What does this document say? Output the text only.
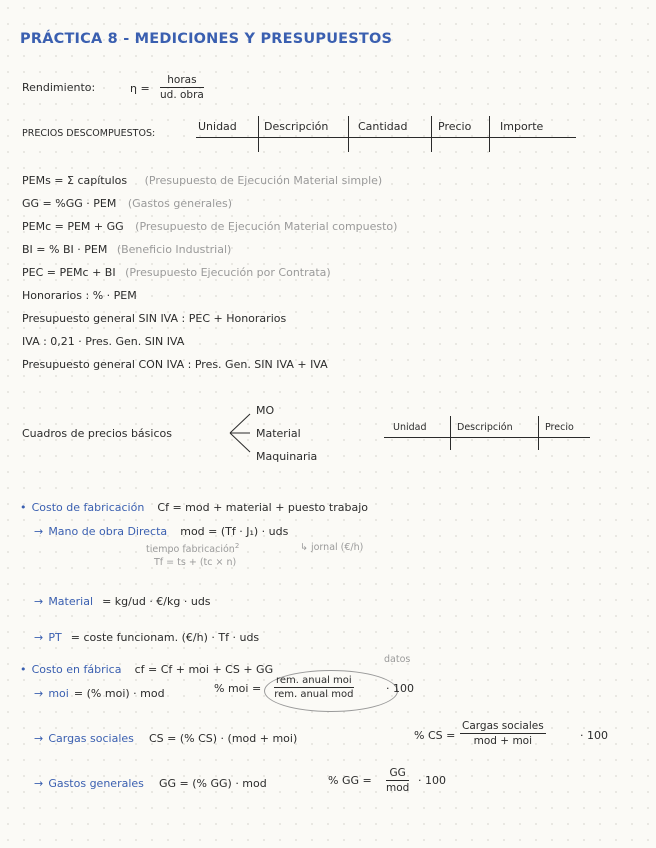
PRÁCTICA 8 - MEDICIONES Y PRESUPUESTOS
Rendimiento:	η =
horas
ud. obra
PRECIOS DESCOMPUESTOS:
Unidad Descripción	Cantidad	Precio	Importe
PEMs = Σ capítulos (Presupuesto de Ejecución Material simple)
GG = %GG · PEM (Gastos generales)
PEMc = PEM + GG (Presupuesto de Ejecución Material compuesto)
BI = % BI · PEM (Beneficio Industrial)
PEC = PEMc + BI (Presupuesto Ejecución por Contrata)
Honorarios : % · PEM
Presupuesto general SIN IVA : PEC + Honorarios
IVA : 0,21 · Pres. Gen. SIN IVA
Presupuesto general CON IVA : Pres. Gen. SIN IVA + IVA
Cuadros de precios básicos
MO
Material
Maquinaria
Unidad	Descripción	Precio
• Costo de fabricación Cf = mod + material + puesto trabajo
→ Mano de obra Directa mod = (Tf · J₁) · uds
tiempo fabricación$^2$	↳ jornal (€/h)
Tf = ts + (tc × n)
→ Material = kg/ud · €/kg · uds
→ PT = coste funcionam. (€/h) · Tf · uds
• Costo en fábrica cf = Cf + moi + CS + GG
datos
→ moi = (% moi) · mod	% moi =
rem. anual moi
rem. anual mod	· 100
→ Cargas sociales CS = (% CS) · (mod + moi)	% CS =
Cargas sociales
mod + moi	· 100
→ Gastos generales GG = (% GG) · mod	% GG =
GG
mod
· 100
